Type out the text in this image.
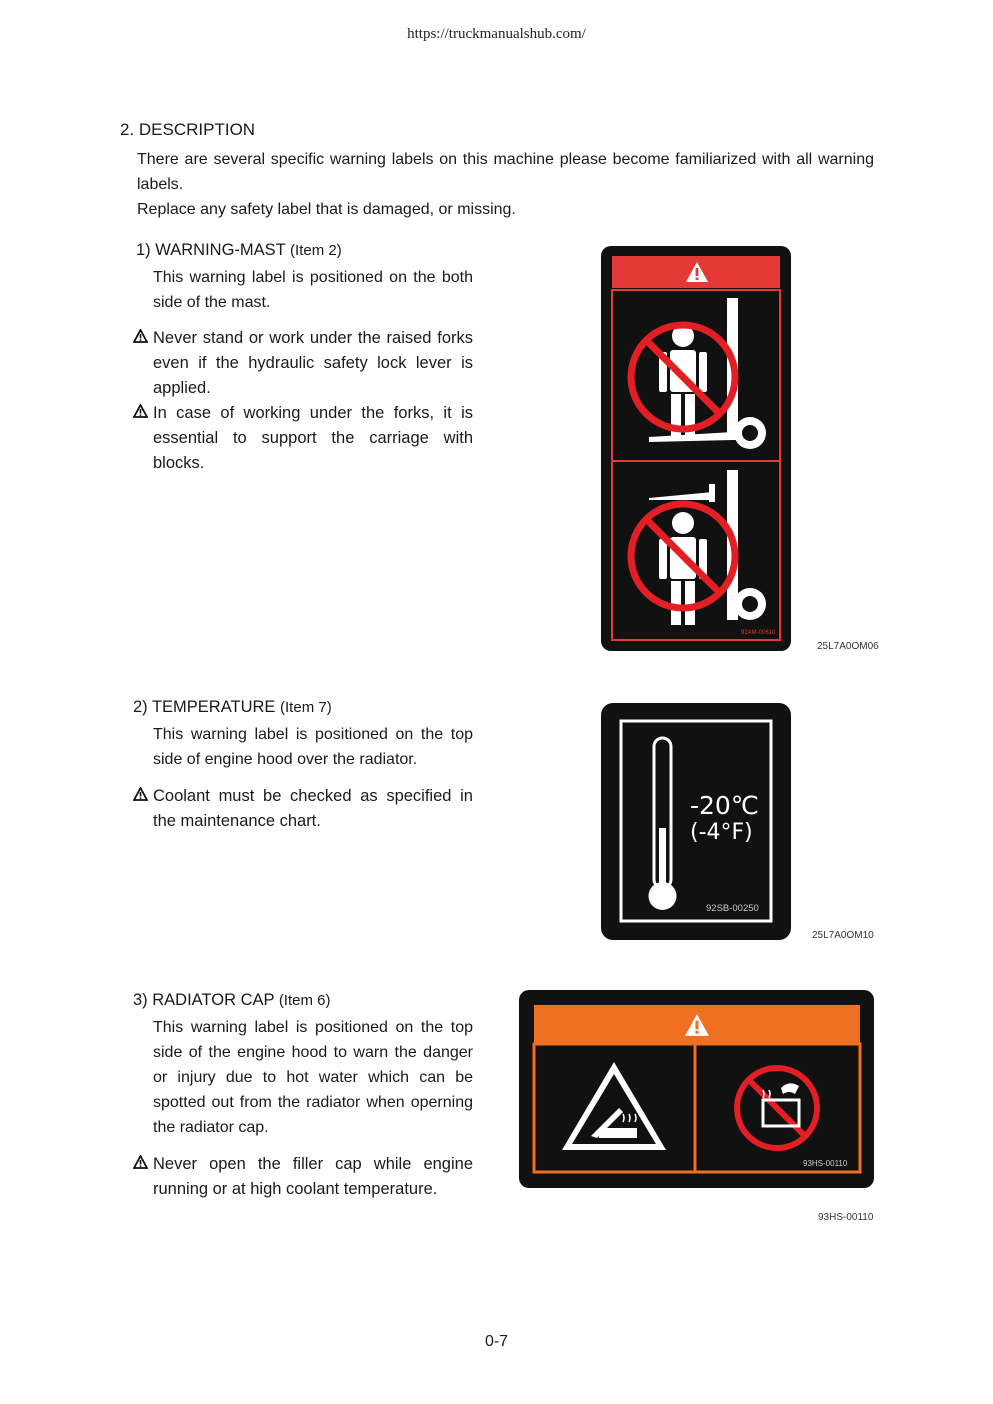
https://truckmanualshub.com/
2. DESCRIPTION
There are several specific warning labels on this machine please become familiarized with all warning labels.
Replace any safety label that is damaged, or missing.
1) WARNING-MAST (Item 2)
This warning label is positioned on the both side of the mast.
Never stand or work under the raised forks even if the hydraulic safety lock lever is applied.
In case of working under the forks, it is essential to support the carriage with blocks.
92AM-00610
25L7A0OM06
2) TEMPERATURE (Item 7)
This warning label is positioned on the top side of engine hood over the radiator.
Coolant must be checked as specified in the maintenance chart.
-20℃
(-4°F)
92SB-00250
25L7A0OM10
3) RADIATOR CAP (Item 6)
This warning label is positioned on the top side of the engine hood to warn the danger or injury due to hot water which can be spotted out from the radiator when operning the radiator cap.
Never open the filler cap while engine running or at high coolant temperature.
93HS-00110
93HS-00110
0-7
